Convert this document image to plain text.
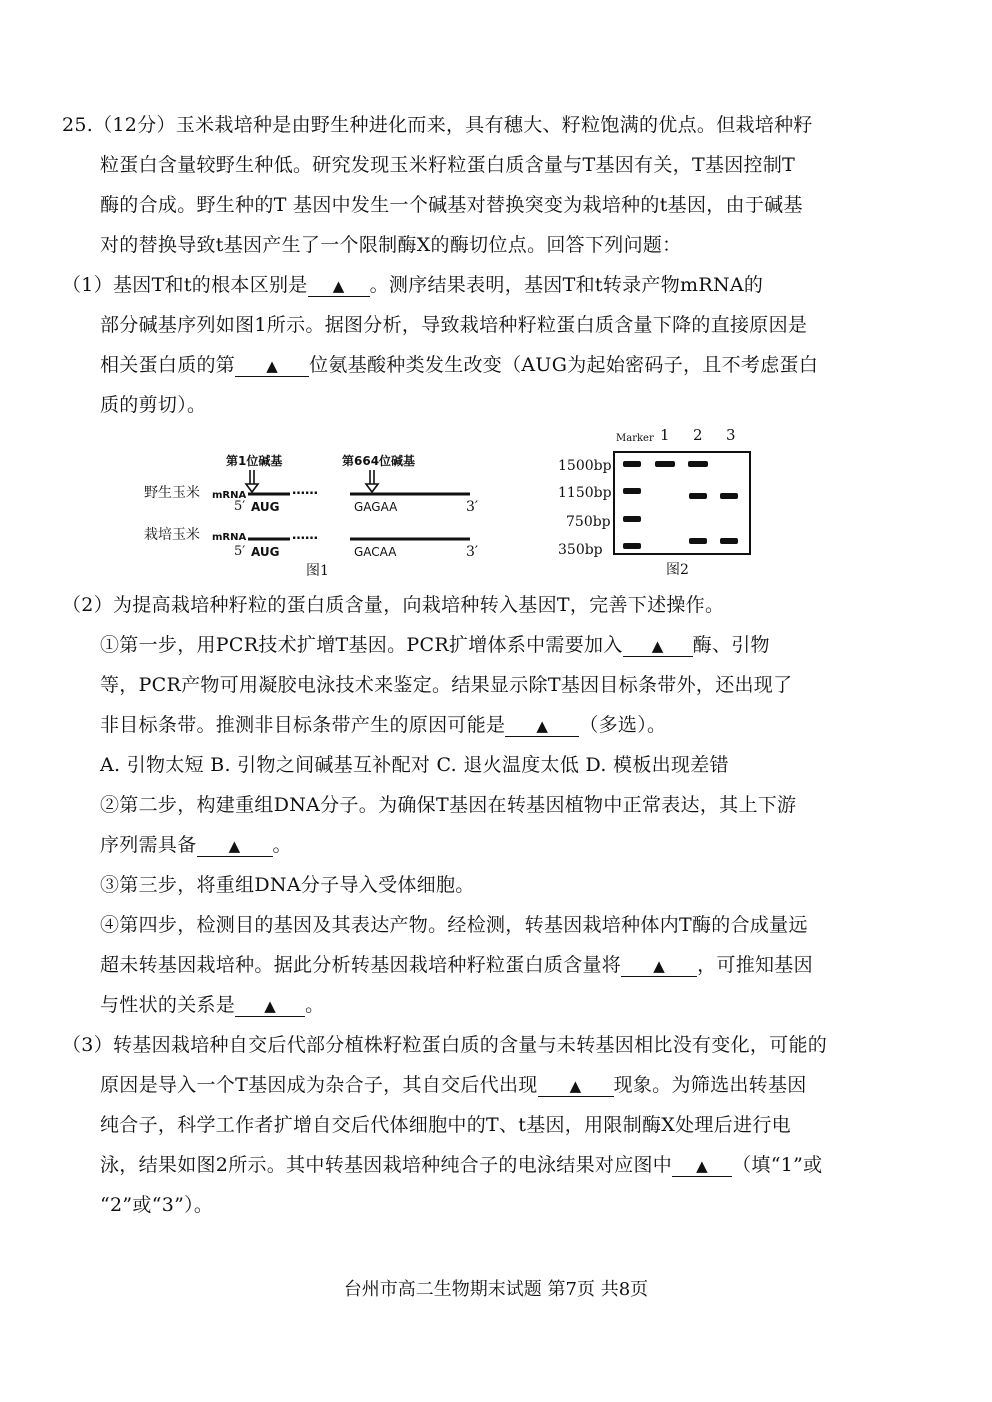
25.（12分）玉米栽培种是由野生种进化而来，具有穗大、籽粒饱满的优点。但栽培种籽
粒蛋白含量较野生种低。研究发现玉米籽粒蛋白质含量与T基因有关，T基因控制T
酶的合成。野生种的T 基因中发生一个碱基对替换突变为栽培种的t基因，由于碱基
对的替换导致t基因产生了一个限制酶X的酶切位点。回答下列问题：
（1）基因T和t的根本区别是 ▲ 。测序结果表明，基因T和t转录产物mRNA的
部分碱基序列如图1所示。据图分析，导致栽培种籽粒蛋白质含量下降的直接原因是
相关蛋白质的第 ▲ 位氨基酸种类发生改变（AUG为起始密码子，且不考虑蛋白
质的剪切）。
第1位碱基	第664位碱基
野生玉米 mRNA	……
5′ AUG	GAGAA	3′
栽培玉米 mRNA	……
5′ AUG	GACAA	3′
图1
Marker 1 2 3
1500bp
1150bp
750bp
350bp
图2
（2）为提高栽培种籽粒的蛋白质含量，向栽培种转入基因T，完善下述操作。
①第一步，用PCR技术扩增T基因。PCR扩增体系中需要加入 ▲ 酶、引物
等，PCR产物可用凝胶电泳技术来鉴定。结果显示除T基因目标条带外，还出现了
非目标条带。推测非目标条带产生的原因可能是 ▲ （多选）。
A. 引物太短 B. 引物之间碱基互补配对 C. 退火温度太低 D. 模板出现差错
②第二步，构建重组DNA分子。为确保T基因在转基因植物中正常表达，其上下游
序列需具备 ▲ 。
③第三步，将重组DNA分子导入受体细胞。
④第四步，检测目的基因及其表达产物。经检测，转基因栽培种体内T酶的合成量远
超未转基因栽培种。据此分析转基因栽培种籽粒蛋白质含量将 ▲ ，可推知基因
与性状的关系是 ▲ 。
（3）转基因栽培种自交后代部分植株籽粒蛋白质的含量与未转基因相比没有变化，可能的
原因是导入一个T基因成为杂合子，其自交后代出现 ▲ 现象。为筛选出转基因
纯合子，科学工作者扩增自交后代体细胞中的T、t基因，用限制酶X处理后进行电
泳，结果如图2所示。其中转基因栽培种纯合子的电泳结果对应图中 ▲ （填“1”或
“2”或“3”）。
台州市高二生物期末试题 第7页 共8页
